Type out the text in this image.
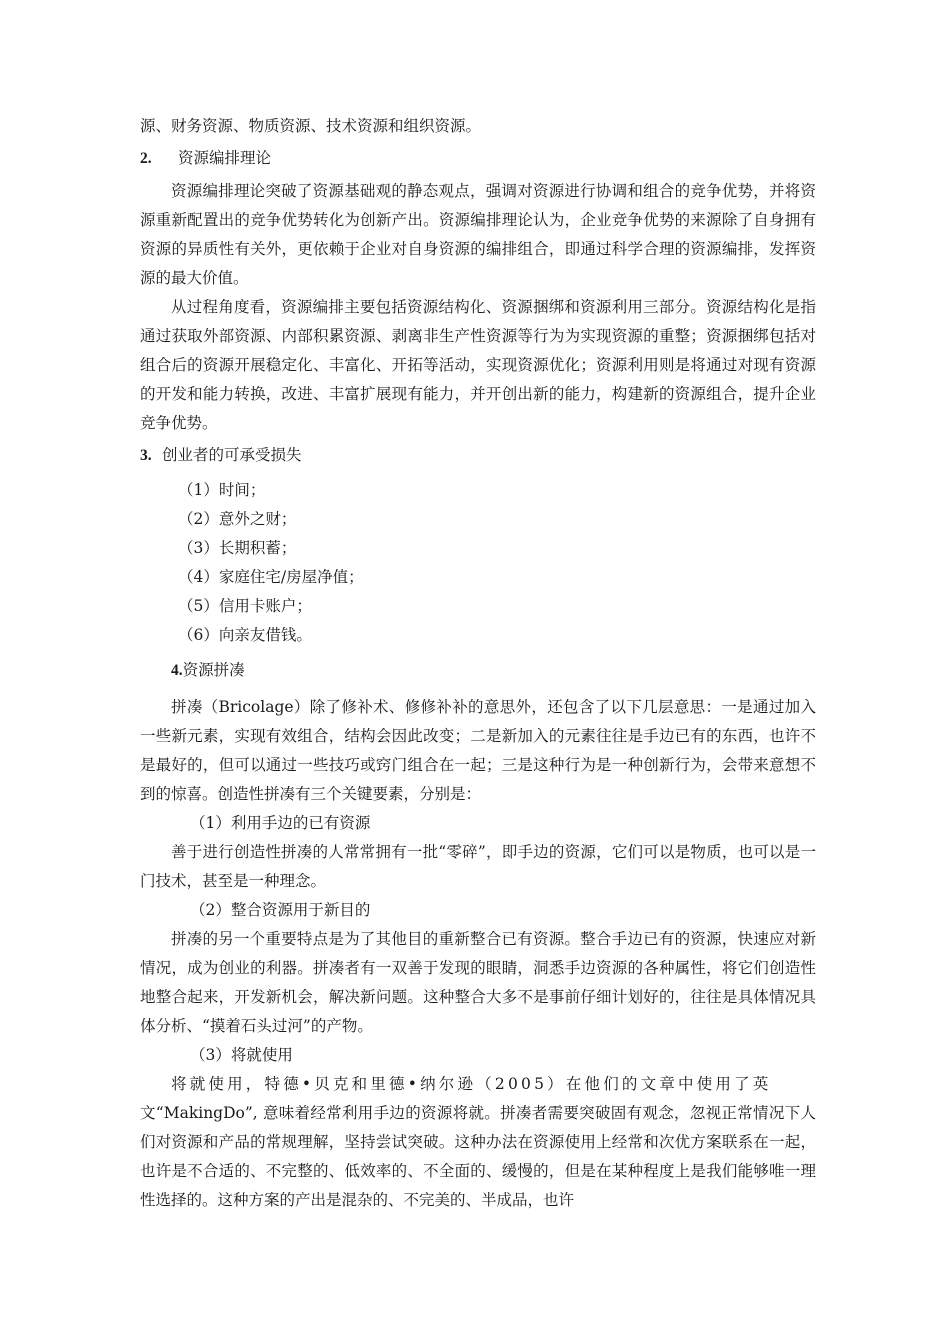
源、财务资源、物质资源、技术资源和组织资源。

2. 资源编排理论

资源编排理论突破了资源基础观的静态观点，强调对资源进行协调和组合的竞争优势，并将资源重新配置出的竞争优势转化为创新产出。资源编排理论认为，企业竞争优势的来源除了自身拥有资源的异质性有关外，更依赖于企业对自身资源的编排组合，即通过科学合理的资源编排，发挥资源的最大价值。

从过程角度看，资源编排主要包括资源结构化、资源捆绑和资源利用三部分。资源结构化是指通过获取外部资源、内部积累资源、剥离非生产性资源等行为为实现资源的重整；资源捆绑包括对组合后的资源开展稳定化、丰富化、开拓等活动，实现资源优化；资源利用则是将通过对现有资源的开发和能力转换，改进、丰富扩展现有能力，并开创出新的能力，构建新的资源组合，提升企业竞争优势。

3. 创业者的可承受损失

（1）时间；
（2）意外之财；
（3）长期积蓄；
（4）家庭住宅/房屋净值；
（5）信用卡账户；
（6）向亲友借钱。

4.资源拼凑

拼凑（Bricolage）除了修补术、修修补补的意思外，还包含了以下几层意思：一是通过加入一些新元素，实现有效组合，结构会因此改变；二是新加入的元素往往是手边已有的东西，也许不是最好的，但可以通过一些技巧或窍门组合在一起；三是这种行为是一种创新行为，会带来意想不到的惊喜。创造性拼凑有三个关键要素，分别是：

（1）利用手边的已有资源

善于进行创造性拼凑的人常常拥有一批“零碎”，即手边的资源，它们可以是物质，也可以是一门技术，甚至是一种理念。

（2）整合资源用于新目的

拼凑的另一个重要特点是为了其他目的重新整合已有资源。整合手边已有的资源，快速应对新情况，成为创业的利器。拼凑者有一双善于发现的眼睛，洞悉手边资源的各种属性，将它们创造性地整合起来，开发新机会，解决新问题。这种整合大多不是事前仔细计划好的，往往是具体情况具体分析、“摸着石头过河”的产物。

（3）将就使用

将就使用，特德•贝克和里德•纳尔逊（2005）在他们的文章中使用了英

文“MakingDo”, 意味着经常利用手边的资源将就。拼凑者需要突破固有观念，忽视正常情况下人们对资源和产品的常规理解，坚持尝试突破。这种办法在资源使用上经常和次优方案联系在一起，也许是不合适的、不完整的、低效率的、不全面的、缓慢的，但是在某种程度上是我们能够唯一理性选择的。这种方案的产出是混杂的、不完美的、半成品，也许
